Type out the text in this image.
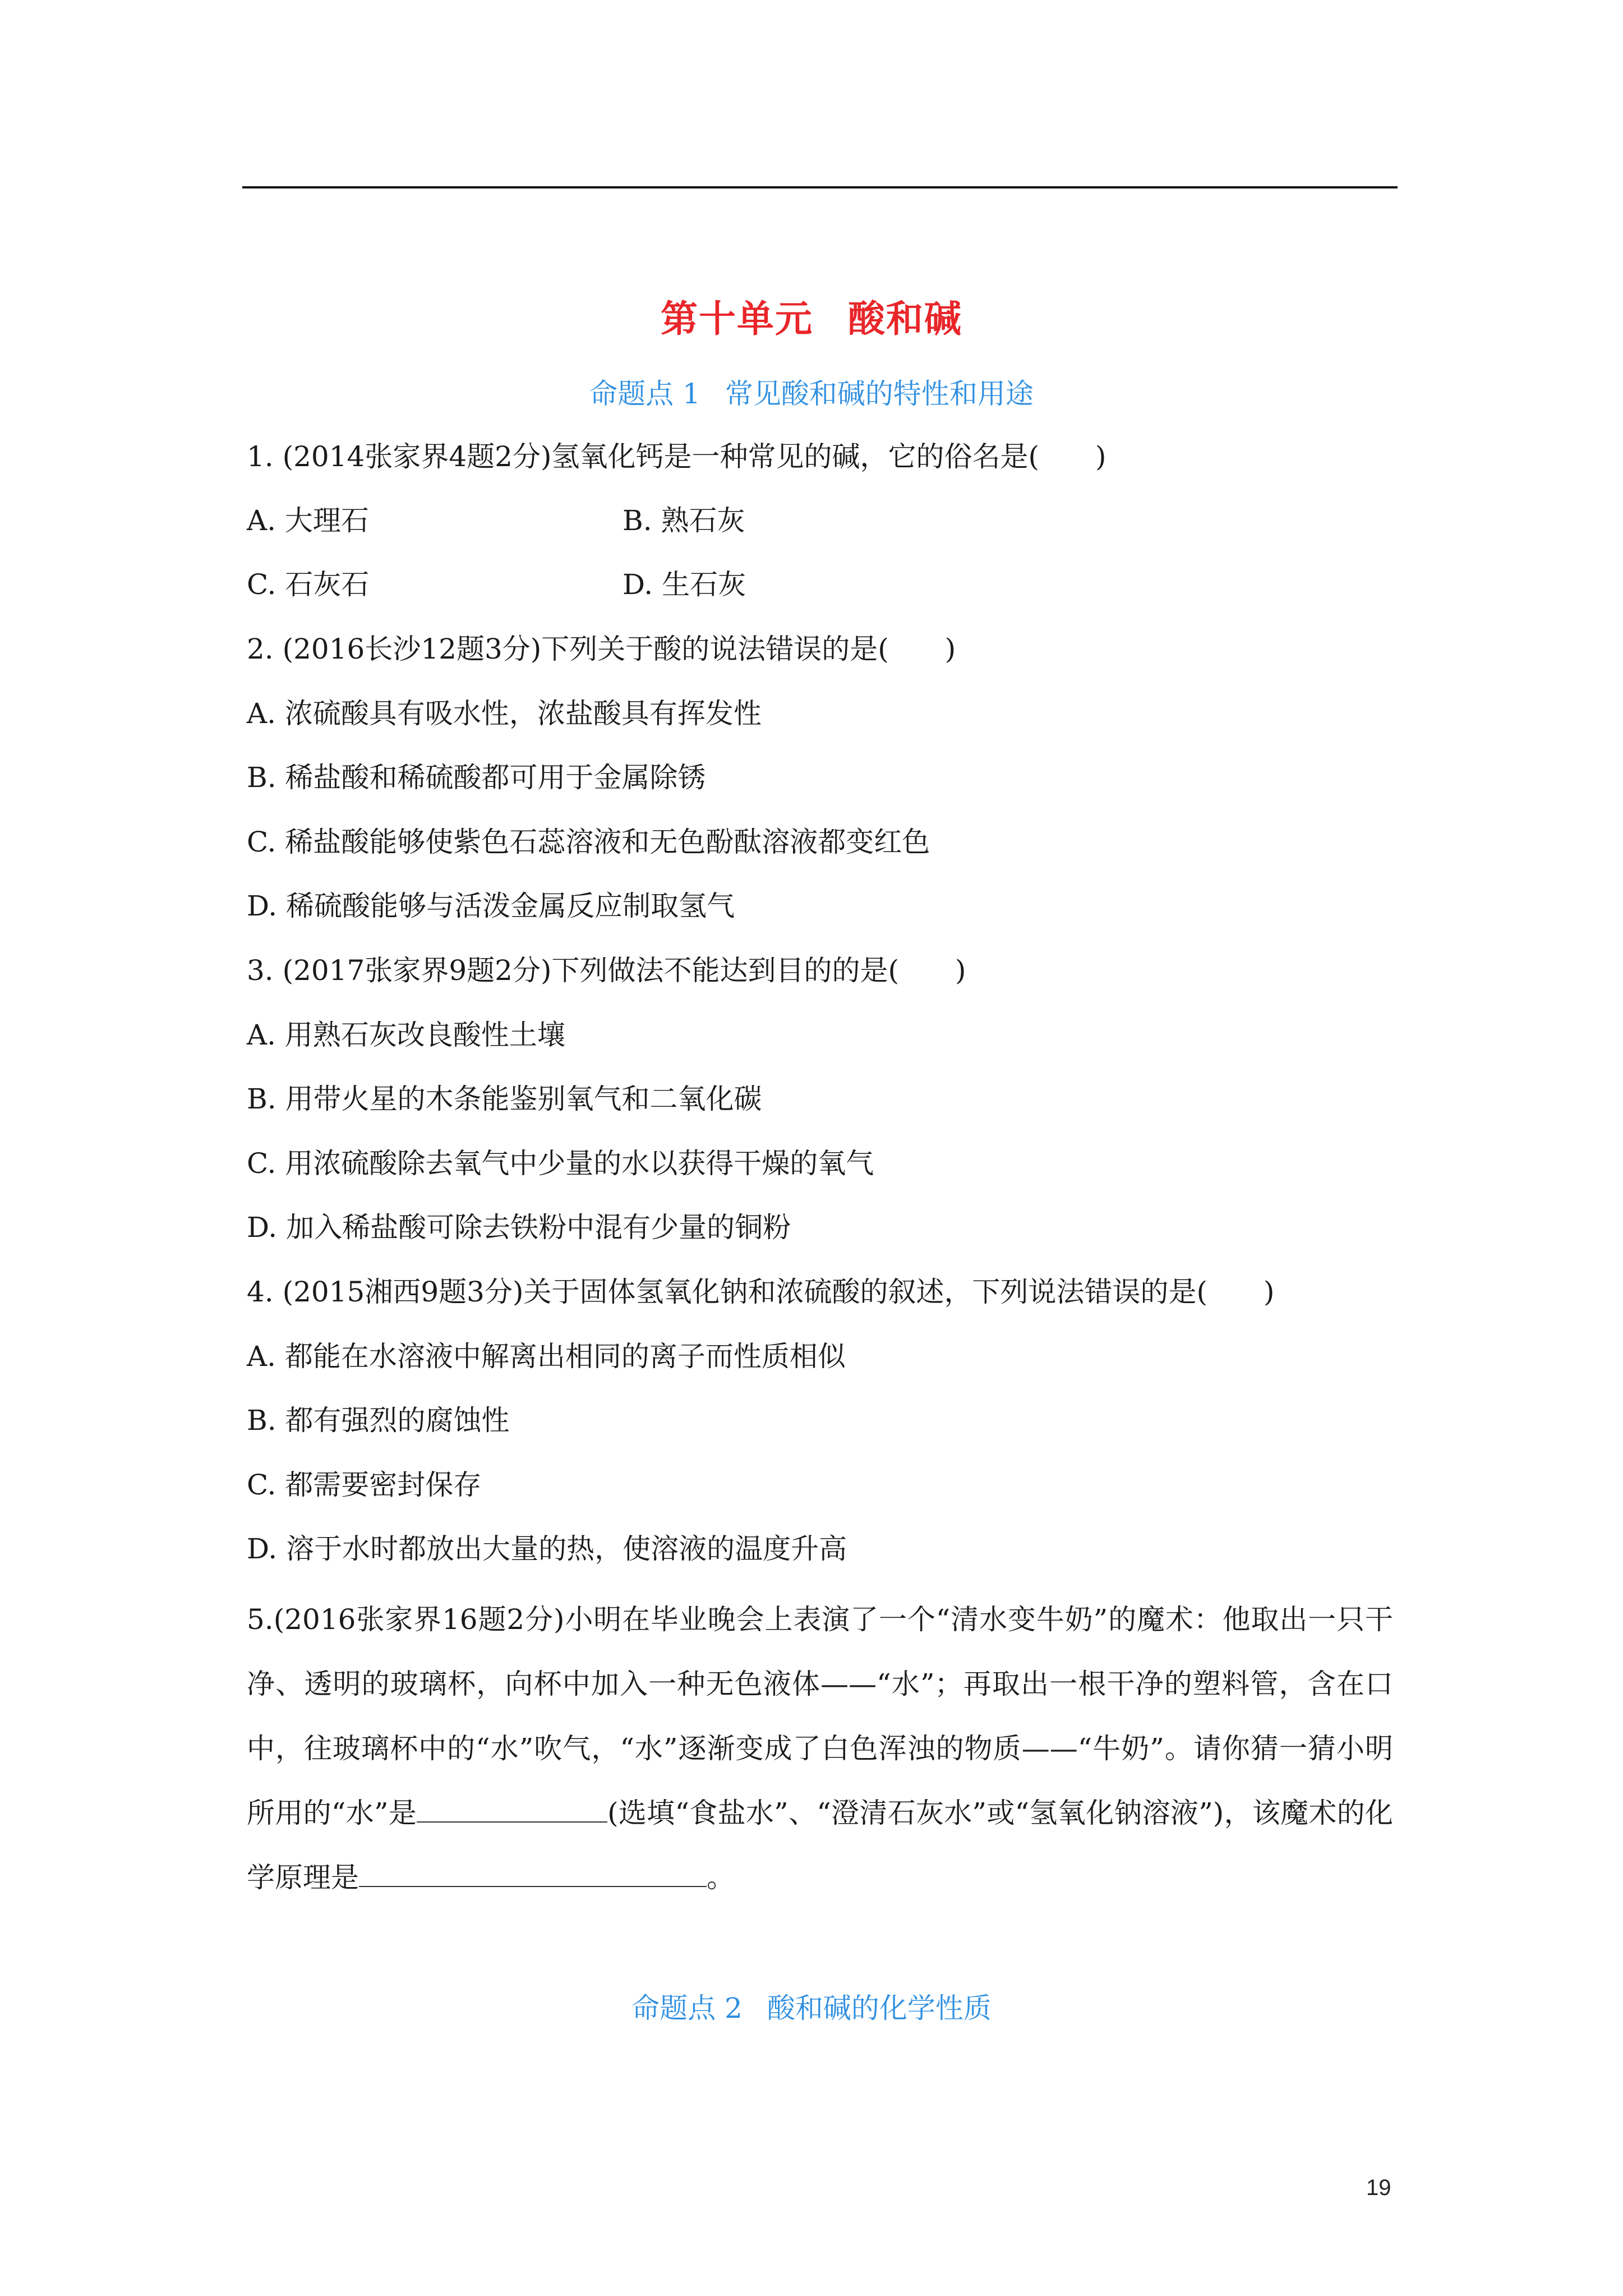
第十单元 酸和碱
命题点 1 常见酸和碱的特性和用途
1. (2014张家界4题2分)氢氧化钙是一种常见的碱，它的俗名是(　　)
A. 大理石	B. 熟石灰
C. 石灰石	D. 生石灰
2. (2016长沙12题3分)下列关于酸的说法错误的是(　　)
A. 浓硫酸具有吸水性，浓盐酸具有挥发性
B. 稀盐酸和稀硫酸都可用于金属除锈
C. 稀盐酸能够使紫色石蕊溶液和无色酚酞溶液都变红色
D. 稀硫酸能够与活泼金属反应制取氢气
3. (2017张家界9题2分)下列做法不能达到目的的是(　　)
A. 用熟石灰改良酸性土壤
B. 用带火星的木条能鉴别氧气和二氧化碳
C. 用浓硫酸除去氧气中少量的水以获得干燥的氧气
D. 加入稀盐酸可除去铁粉中混有少量的铜粉
4. (2015湘西9题3分)关于固体氢氧化钠和浓硫酸的叙述，下列说法错误的是(　　)
A. 都能在水溶液中解离出相同的离子而性质相似
B. 都有强烈的腐蚀性
C. 都需要密封保存
D. 溶于水时都放出大量的热，使溶液的温度升高
5.(2016张家界16题2分)小明在毕业晚会上表演了一个“清水变牛奶”的魔术：他取出一只干净、透明的玻璃杯，向杯中加入一种无色液体——“水”；再取出一根干净的塑料管，含在口中，往玻璃杯中的“水”吹气，“水”逐渐变成了白色浑浊的物质——“牛奶”。请你猜一猜小明所用的“水”是	(选填“食盐水”、“澄清石灰水”或“氢氧化钠溶液”)，该魔术的化学原理是	。
命题点 2 酸和碱的化学性质
19
